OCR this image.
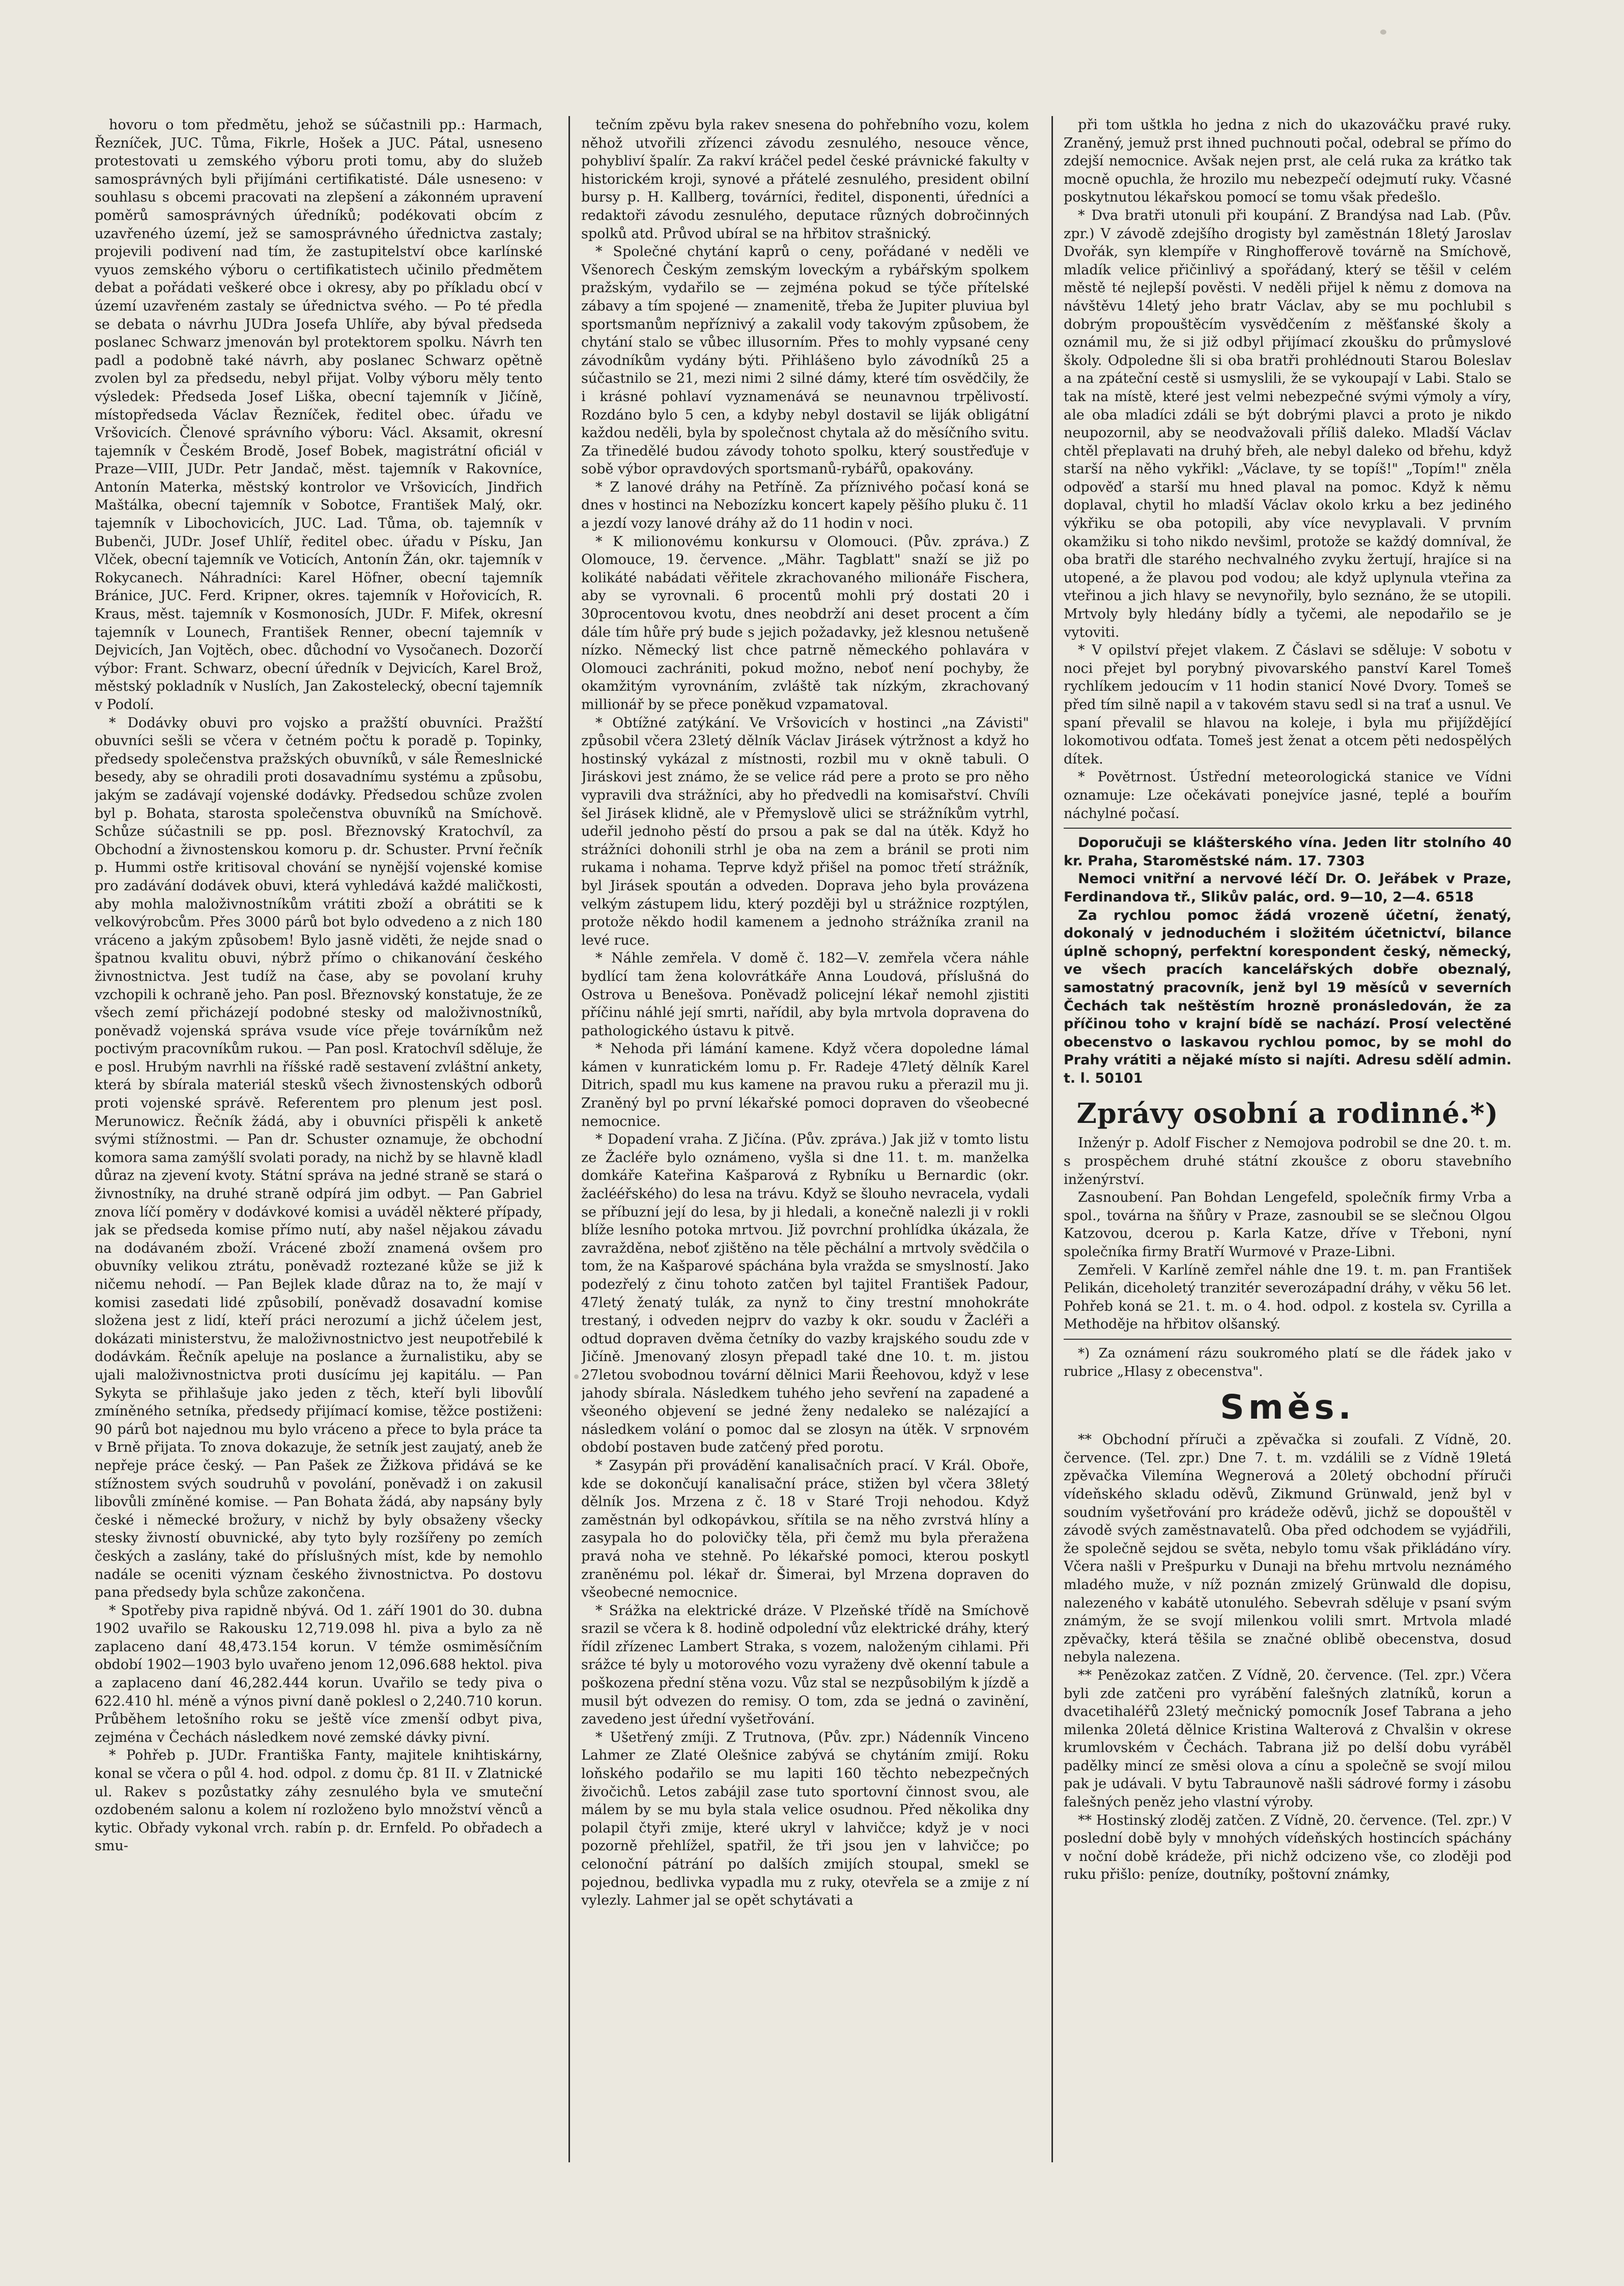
hovoru o tom předmětu, jehož se súčastnili pp.: Harmach, Řezníček, JUC. Tůma, Fikrle, Hošek a JUC. Pátal, usneseno protestovati u zemského výboru proti tomu, aby do služeb samosprávných byli přijímáni certifikatisté. Dále usneseno: v souhlasu s obcemi pracovati na zlepšení a zákonném upravení poměrů samosprávných úředníků; podékovati obcím z uzavřeného území, jež se samosprávného úřednictva zastaly; projevili podivení nad tím, že zastupitelství obce karlínské vyuos zemského výboru o certifikatistech učinilo předmětem debat a pořádati veškeré obce i okresy, aby po příkladu obcí v území uzavřeném zastaly se úřednictva svého. — Po té předla se debata o návrhu JUDra Josefa Uhlíře, aby býval předseda poslanec Schwarz jmenován byl protektorem spolku. Návrh ten padl a podobně také návrh, aby poslanec Schwarz opětně zvolen byl za předsedu, nebyl přijat. Volby výboru měly tento výsledek: Předseda Josef Liška, obecní tajemník v Jičíně, místopředseda Václav Řezníček, ředitel obec. úřadu ve Vršovicích. Členové správního výboru: Václ. Aksamit, okresní tajemník v Českém Brodě, Josef Bobek, magistrátní oficiál v Praze—VIII, JUDr. Petr Jandač, měst. tajemník v Rakovníce, Antonín Materka, městský kontrolor ve Vršovicích, Jindřich Maštálka, obecní tajemník v Sobotce, František Malý, okr. tajemník v Libochovicích, JUC. Lad. Tůma, ob. tajemník v Bubenči, JUDr. Josef Uhlíř, ředitel obec. úřadu v Písku, Jan Vlček, obecní tajemník ve Voticích, Antonín Žán, okr. tajemník v Rokycanech. Náhradníci: Karel Höfner, obecní tajemník Bránice, JUC. Ferd. Kripner, okres. tajemník v Hořovicích, R. Kraus, měst. tajemník v Kosmonosích, JUDr. F. Mifek, okresní tajemník v Lounech, František Renner, obecní tajemník v Dejvicích, Jan Vojtěch, obec. důchodní vo Vysočanech. Dozorčí výbor: Frant. Schwarz, obecní úředník v Dejvicích, Karel Brož, městský pokladník v Nuslích, Jan Zakostelecký, obecní tajemník v Podolí.

* Dodávky obuvi pro vojsko a pražští obuvníci. Pražští obuvníci sešli se včera v četném počtu k poradě p. Topinky, předsedy společenstva pražských obuvníků, v sále Řemeslnické besedy, aby se ohradili proti dosavadnímu systému a způsobu, jakým se zadávají vojenské dodávky. Předsedou schůze zvolen byl p. Bohata, starosta společenstva obuvníků na Smíchově. Schůze súčastnili se pp. posl. Březnovský Kratochvíl, za Obchodní a živnostenskou komoru p. dr. Schuster. První řečník p. Hummi ostře kritisoval chování se nynější vojenské komise pro zadávání dodávek obuvi, která vyhledává každé maličkosti, aby mohla maloživnostníkům vrátiti zboží a obrátiti se k velkovýrobcům. Přes 3000 párů bot bylo odvedeno a z nich 180 vráceno a jakým způsobem! Bylo jasně viděti, že nejde snad o špatnou kvalitu obuvi, nýbrž přímo o chikanování českého živnostnictva. Jest tudíž na čase, aby se povolaní kruhy vzchopili k ochraně jeho. Pan posl. Březnovský konstatuje, že ze všech zemí přicházejí podobné stesky od maloživnostníků, poněvadž vojenská správa vsude více přeje továrníkům než poctivým pracovníkům rukou. — Pan posl. Kratochvíl sděluje, že e posl. Hrubým navrhli na říšské radě sestavení zvláštní ankety, která by sbírala materiál stesků všech živnostenských odborů proti vojenské správě. Referentem pro plenum jest posl. Merunowicz. Řečník žádá, aby i obuvníci přispěli k anketě svými stížnostmi. — Pan dr. Schuster oznamuje, že obchodní komora sama zamýšlí svolati porady, na nichž by se hlavně kladl důraz na zjevení kvoty. Státní správa na jedné straně se stará o živnostníky, na druhé straně odpírá jim odbyt. — Pan Gabriel znova líčí poměry v dodávkové komisi a uváděl některé případy, jak se předseda komise přímo nutí, aby našel nějakou závadu na dodávaném zboží. Vrácené zboží znamená ovšem pro obuvníky velikou ztrátu, poněvadž roztezané kůže se již k ničemu nehodí. — Pan Bejlek klade důraz na to, že mají v komisi zasedati lidé způsobilí, poněvadž dosavadní komise složena jest z lidí, kteří práci nerozumí a jichž účelem jest, dokázati ministerstvu, že maloživnostnictvo jest neupotřebilé k dodávkám. Řečník apeluje na poslance a žurnalistiku, aby se ujali maloživnostnictva proti dusícímu jej kapitálu. — Pan Sykyta se přihlašuje jako jeden z těch, kteří byli libovůlí zmíněného setníka, předsedy přijímací komise, těžce postiženi: 90 párů bot najednou mu bylo vráceno a přece to byla práce ta v Brně přijata. To znova dokazuje, že setník jest zaujatý, aneb že nepřeje práce český. — Pan Pašek ze Žižkova přidává se ke stížnostem svých soudruhů v povolání, poněvadž i on zakusil libovůli zmíněné komise. — Pan Bohata žádá, aby napsány byly české i německé brožury, v nichž by byly obsaženy všecky stesky živností obuvnické, aby tyto byly rozšířeny po zemích českých a zaslány, také do příslušných míst, kde by nemohlo nadále se oceniti význam českého živnostnictva. Po dostovu pana předsedy byla schůze zakončena.

* Spotřeby piva rapidně nbývá. Od 1. září 1901 do 30. dubna 1902 uvařilo se Rakousku 12,719.098 hl. piva a bylo za ně zaplaceno daní 48,473.154 korun. V témže osmiměsíčním období 1902—1903 bylo uvařeno jenom 12,096.688 hektol. piva a zaplaceno daní 46,282.444 korun. Uvařilo se tedy piva o 622.410 hl. méně a výnos pivní daně poklesl o 2,240.710 korun. Průběhem letošního roku se ještě více zmenší odbyt piva, zejména v Čechách následkem nové zemské dávky pivní.

* Pohřeb p. JUDr. Františka Fanty, majitele knihtiskárny, konal se včera o půl 4. hod. odpol. z domu čp. 81 II. v Zlatnické ul. Rakev s pozůstatky záhy zesnulého byla ve smuteční ozdobeném salonu a kolem ní rozloženo bylo množství věnců a kytic. Obřady vykonal vrch. rabín p. dr. Ernfeld. Po obřadech a smu-

tečním zpěvu byla rakev snesena do pohřebního vozu, kolem něhož utvořili zřízenci závodu zesnulého, nesouce věnce, pohybliví špalír. Za rakví kráčel pedel české právnické fakulty v historickém kroji, synové a přátelé zesnulého, president obilní bursy p. H. Kallberg, továrníci, ředitel, disponenti, úředníci a redaktoři závodu zesnulého, deputace různých dobročinných spolků atd. Průvod ubíral se na hřbitov strašnický.

* Společné chytání kaprů o ceny, pořádané v neděli ve Všenorech Českým zemským loveckým a rybářským spolkem pražským, vydařilo se — zejména pokud se týče přítelské zábavy a tím spojené — znamenitě, třeba že Jupiter pluviua byl sportsmanům nepříznivý a zakalil vody takovým způsobem, že chytání stalo se vůbec illusorním. Přes to mohly vypsané ceny závodníkům vydány býti. Přihlášeno bylo závodníků 25 a súčastnilo se 21, mezi nimi 2 silné dámy, které tím osvědčily, že i krásné pohlaví vyznamenává se neunavnou trpělivostí. Rozdáno bylo 5 cen, a kdyby nebyl dostavil se liják obligátní každou neděli, byla by společnost chytala až do měsíčního svitu. Za třinedělé budou závody tohoto spolku, který soustřeďuje v sobě výbor opravdových sportsmanů-rybářů, opakovány.

* Z lanové dráhy na Petříně. Za příznivého počasí koná se dnes v hostinci na Nebozízku koncert kapely pěšího pluku č. 11 a jezdí vozy lanové dráhy až do 11 hodin v noci.

* K milionovému konkursu v Olomouci. (Pův. zpráva.) Z Olomouce, 19. července. „Mähr. Tagblatt" snaží se již po kolikáté nabádati věřitele zkrachovaného milionáře Fischera, aby se vyrovnali. 6 procentů mohli prý dostati 20 i 30procentovou kvotu, dnes neobdrží ani deset procent a čím dále tím hůře prý bude s jejich požadavky, jež klesnou netušeně nízko. Německý list chce patrně německého pohlavára v Olomouci zachrániti, pokud možno, neboť není pochyby, že okamžitým vyrovnáním, zvláště tak nízkým, zkrachovaný millionář by se přece poněkud vzpamatoval.

* Obtížné zatýkání. Ve Vršovicích v hostinci „na Závisti" způsobil včera 23letý dělník Václav Jirásek výtržnost a když ho hostinský vykázal z místnosti, rozbil mu v okně tabuli. O Jiráskovi jest známo, že se velice rád pere a proto se pro něho vypravili dva strážníci, aby ho předvedli na komisařství. Chvíli šel Jirásek klidně, ale v Přemyslově ulici se strážníkům vytrhl, udeřil jednoho pěstí do prsou a pak se dal na útěk. Když ho strážníci dohonili strhl je oba na zem a bránil se proti nim rukama i nohama. Teprve když přišel na pomoc třetí strážník, byl Jirásek spoután a odveden. Doprava jeho byla provázena velkým zástupem lidu, který později byl u strážnice rozptýlen, protože někdo hodil kamenem a jednoho strážníka zranil na levé ruce.

* Náhle zemřela. V domě č. 182—V. zemřela včera náhle bydlící tam žena kolovrátkáře Anna Loudová, příslušná do Ostrova u Benešova. Poněvadž policejní lékař nemohl zjistiti příčinu náhlé její smrti, nařídil, aby byla mrtvola dopravena do pathologického ústavu k pitvě.

* Nehoda při lámání kamene. Když včera dopoledne lámal kámen v kunratickém lomu p. Fr. Radeje 47letý dělník Karel Ditrich, spadl mu kus kamene na pravou ruku a přerazil mu ji. Zraněný byl po první lékařské pomoci dopraven do všeobecné nemocnice.

* Dopadení vraha. Z Jičína. (Pův. zpráva.) Jak již v tomto listu ze Žacléře bylo oznámeno, vyšla si dne 11. t. m. manželka domkáře Kateřina Kašparová z Rybníku u Bernardic (okr. žaclééřského) do lesa na trávu. Když se šlouho nevracela, vydali se příbuzní její do lesa, by ji hledali, a konečně nalezli ji v rokli blíže lesního potoka mrtvou. Již povrchní prohlídka úkázala, že zavražděna, neboť zjištěno na těle pěchální a mrtvoly svědčila o tom, že na Kašparové spáchána byla vražda se smyslností. Jako podezřelý z činu tohoto zatčen byl tajitel František Padour, 47letý ženatý tulák, za nynž to činy trestní mnohokráte trestaný, i odveden nejprv do vazby k okr. soudu v Žacléři a odtud dopraven dvěma četníky do vazby krajského soudu zde v Jičíně. Jmenovaný zlosyn přepadl také dne 10. t. m. jistou 27letou svobodnou tovární dělnici Marii Řeehovou, když v lese jahody sbírala. Následkem tuhého jeho sevření na zapadené a všeoného objevení se jedné ženy nedaleko se nalézající a následkem volání o pomoc dal se zlosyn na útěk. V srpnovém období postaven bude zatčený před porotu.

* Zasypán při provádění kanalisačních prací. V Král. Oboře, kde se dokončují kanalisační práce, stižen byl včera 38letý dělník Jos. Mrzena z č. 18 v Staré Troji nehodou. Když zaměstnán byl odkopávkou, sřítila se na něho zvrstvá hlíny a zasypala ho do polovičky těla, při čemž mu byla přeražena pravá noha ve stehně. Po lékařské pomoci, kterou poskytl zraněnému pol. lékař dr. Šimerai, byl Mrzena dopraven do všeobecné nemocnice.

* Srážka na elektrické dráze. V Plzeňské třídě na Smíchově srazil se včera k 8. hodině odpolední vůz elektrické dráhy, který řídil zřízenec Lambert Straka, s vozem, naloženým cihlami. Při srážce té byly u motorového vozu vyraženy dvě okenní tabule a poškozena přední stěna vozu. Vůz stal se nezpůsobilým k jízdě a musil být odvezen do remisy. O tom, zda se jedná o zavinění, zavedeno jest úřední vyšetřování.

* Ušetřený zmíji. Z Trutnova, (Pův. zpr.) Nádenník Vinceno Lahmer ze Zlaté Olešnice zabývá se chytáním zmijí. Roku loňského podařilo se mu lapiti 160 těchto nebezpečných živočichů. Letos zabájil zase tuto sportovní činnost svou, ale málem by se mu byla stala velice osudnou. Před několika dny polapil čtyři zmije, které ukryl v lahvičce; když je v noci pozorně přehlížel, spatřil, že tři jsou jen v lahvičce; po celonoční pátrání po dalších zmijích stoupal, smekl se pojednou, bedlivka vypadla mu z ruky, otevřela se a zmije z ní vylezly. Lahmer jal se opět schytávati a

při tom uštkla ho jedna z nich do ukazováčku pravé ruky. Zraněný, jemuž prst ihned puchnouti počal, odebral se přímo do zdejší nemocnice. Avšak nejen prst, ale celá ruka za krátko tak mocně opuchla, že hrozilo mu nebezpečí odejmutí ruky. Včasné poskytnutou lékařskou pomocí se tomu však předešlo.

* Dva bratři utonuli při koupání. Z Brandýsa nad Lab. (Pův. zpr.) V závodě zdejšího drogisty byl zaměstnán 18letý Jaroslav Dvořák, syn klempíře v Ringhofferově továrně na Smíchově, mladík velice přičinlivý a spořádaný, který se těšil v celém městě té nejlepší pověsti. V neděli přijel k němu z domova na návštěvu 14letý jeho bratr Václav, aby se mu pochlubil s dobrým propouštěcím vysvědčením z měšťanské školy a oznámil mu, že si již odbyl přijímací zkoušku do průmyslové školy. Odpoledne šli si oba bratři prohlédnouti Starou Boleslav a na zpáteční cestě si usmyslili, že se vykoupají v Labi. Stalo se tak na místě, které jest velmi nebezpečné svými výmoly a víry, ale oba mladíci zdáli se být dobrými plavci a proto je nikdo neupozornil, aby se neodvažovali příliš daleko. Mladší Václav chtěl přeplavati na druhý břeh, ale nebyl daleko od břehu, když starší na něho vykřikl: „Václave, ty se topíš!" „Topím!" zněla odpověď a starší mu hned plaval na pomoc. Když k němu doplaval, chytil ho mladší Václav okolo krku a bez jediného výkřiku se oba potopili, aby více nevyplavali. V prvním okamžiku si toho nikdo nevšiml, protože se každý domníval, že oba bratři dle starého nechvalného zvyku žertují, hrajíce si na utopené, a že plavou pod vodou; ale když uplynula vteřina za vteřinou a jich hlavy se nevynořily, bylo seznáno, že se utopili. Mrtvoly byly hledány bídly a tyčemi, ale nepodařilo se je vytoviti.

* V opilství přejet vlakem. Z Čáslavi se sděluje: V sobotu v noci přejet byl porybný pivovarského panství Karel Tomeš rychlíkem jedoucím v 11 hodin stanicí Nové Dvory. Tomeš se před tím silně napil a v takovém stavu sedl si na trať a usnul. Ve spaní převalil se hlavou na koleje, i byla mu přijíždějící lokomotivou odťata. Tomeš jest ženat a otcem pěti nedospělých dítek.

* Povětrnost. Ústřední meteorologická stanice ve Vídni oznamuje: Lze očekávati ponejvíce jasné, teplé a bouřím náchylné počasí.

Doporučuji se klášterského vína. Jeden litr stolního 40 kr. Praha, Staroměstské nám. 17. 7303

Nemoci vnitřní a nervové léčí Dr. O. Jeřábek v Praze, Ferdinandova tř., Slikův palác, ord. 9—10, 2—4. 6518

Za rychlou pomoc žádá vrozeně účetní, ženatý, dokonalý v jednoduchém i složitém účetnictví, bilance úplně schopný, perfektní korespondent český, německý, ve všech pracích kancelářských dobře obeznalý, samostatný pracovník, jenž byl 19 měsíců v severních Čechách tak neštěstím hrozně pronásledován, že za příčinou toho v krajní bídě se nachází. Prosí velectěné obecenstvo o laskavou rychlou pomoc, by se mohl do Prahy vrátiti a nějaké místo si najíti. Adresu sdělí admin. t. l. 50101

Zprávy osobní a rodinné.*)

Inženýr p. Adolf Fischer z Nemojova podrobil se dne 20. t. m. s prospěchem druhé státní zkoušce z oboru stavebního inženýrství.

Zasnoubení. Pan Bohdan Lengefeld, společník firmy Vrba a spol., továrna na šňůry v Praze, zasnoubil se se slečnou Olgou Katzovou, dcerou p. Karla Katze, dříve v Třeboni, nyní společníka firmy Bratří Wurmové v Praze-Libni.

Zemřeli. V Karlíně zemřel náhle dne 19. t. m. pan František Pelikán, diceholetý tranzitér severozápadní dráhy, v věku 56 let. Pohřeb koná se 21. t. m. o 4. hod. odpol. z kostela sv. Cyrilla a Methoděje na hřbitov olšanský.

*) Za oznámení rázu soukromého platí se dle řádek jako v rubrice „Hlasy z obecenstva".

Směs.

** Obchodní příruči a zpěvačka si zoufali. Z Vídně, 20. července. (Tel. zpr.) Dne 7. t. m. vzdálili se z Vídně 19letá zpěvačka Vilemína Wegnerová a 20letý obchodní příruči vídeňského skladu oděvů, Zikmund Grünwald, jenž byl v soudním vyšetřování pro krádeže oděvů, jichž se dopouštěl v závodě svých zaměstnavatelů. Oba před odchodem se vyjádřili, že společně sejdou se světa, nebylo tomu však přikládáno víry. Včera našli v Prešpurku v Dunaji na břehu mrtvolu neznámého mladého muže, v níž poznán zmizelý Grünwald dle dopisu, nalezeného v kabátě utonulého. Sebevrah sděluje v psaní svým známým, že se svojí milenkou volili smrt. Mrtvola mladé zpěvačky, která těšila se značné oblibě obecenstva, dosud nebyla nalezena.

** Penězokaz zatčen. Z Vídně, 20. července. (Tel. zpr.) Včera byli zde zatčeni pro vyrábění falešných zlatníků, korun a dvacetihaléřů 23letý mečnický pomocník Josef Tabrana a jeho milenka 20letá dělnice Kristina Walterová z Chvalšin v okrese krumlovském v Čechách. Tabrana již po delší dobu vyráběl padělky mincí ze směsi olova a cínu a společně se svojí milou pak je udávali. V bytu Tabraunově našli sádrové formy i zásobu falešných peněz jeho vlastní výroby.

** Hostinský zloděj zatčen. Z Vídně, 20. července. (Tel. zpr.) V poslední době byly v mnohých vídeňských hostincích spáchány v noční době krádeže, při nichž odcizeno vše, co zloději pod ruku přišlo: peníze, doutníky, poštovní známky,
